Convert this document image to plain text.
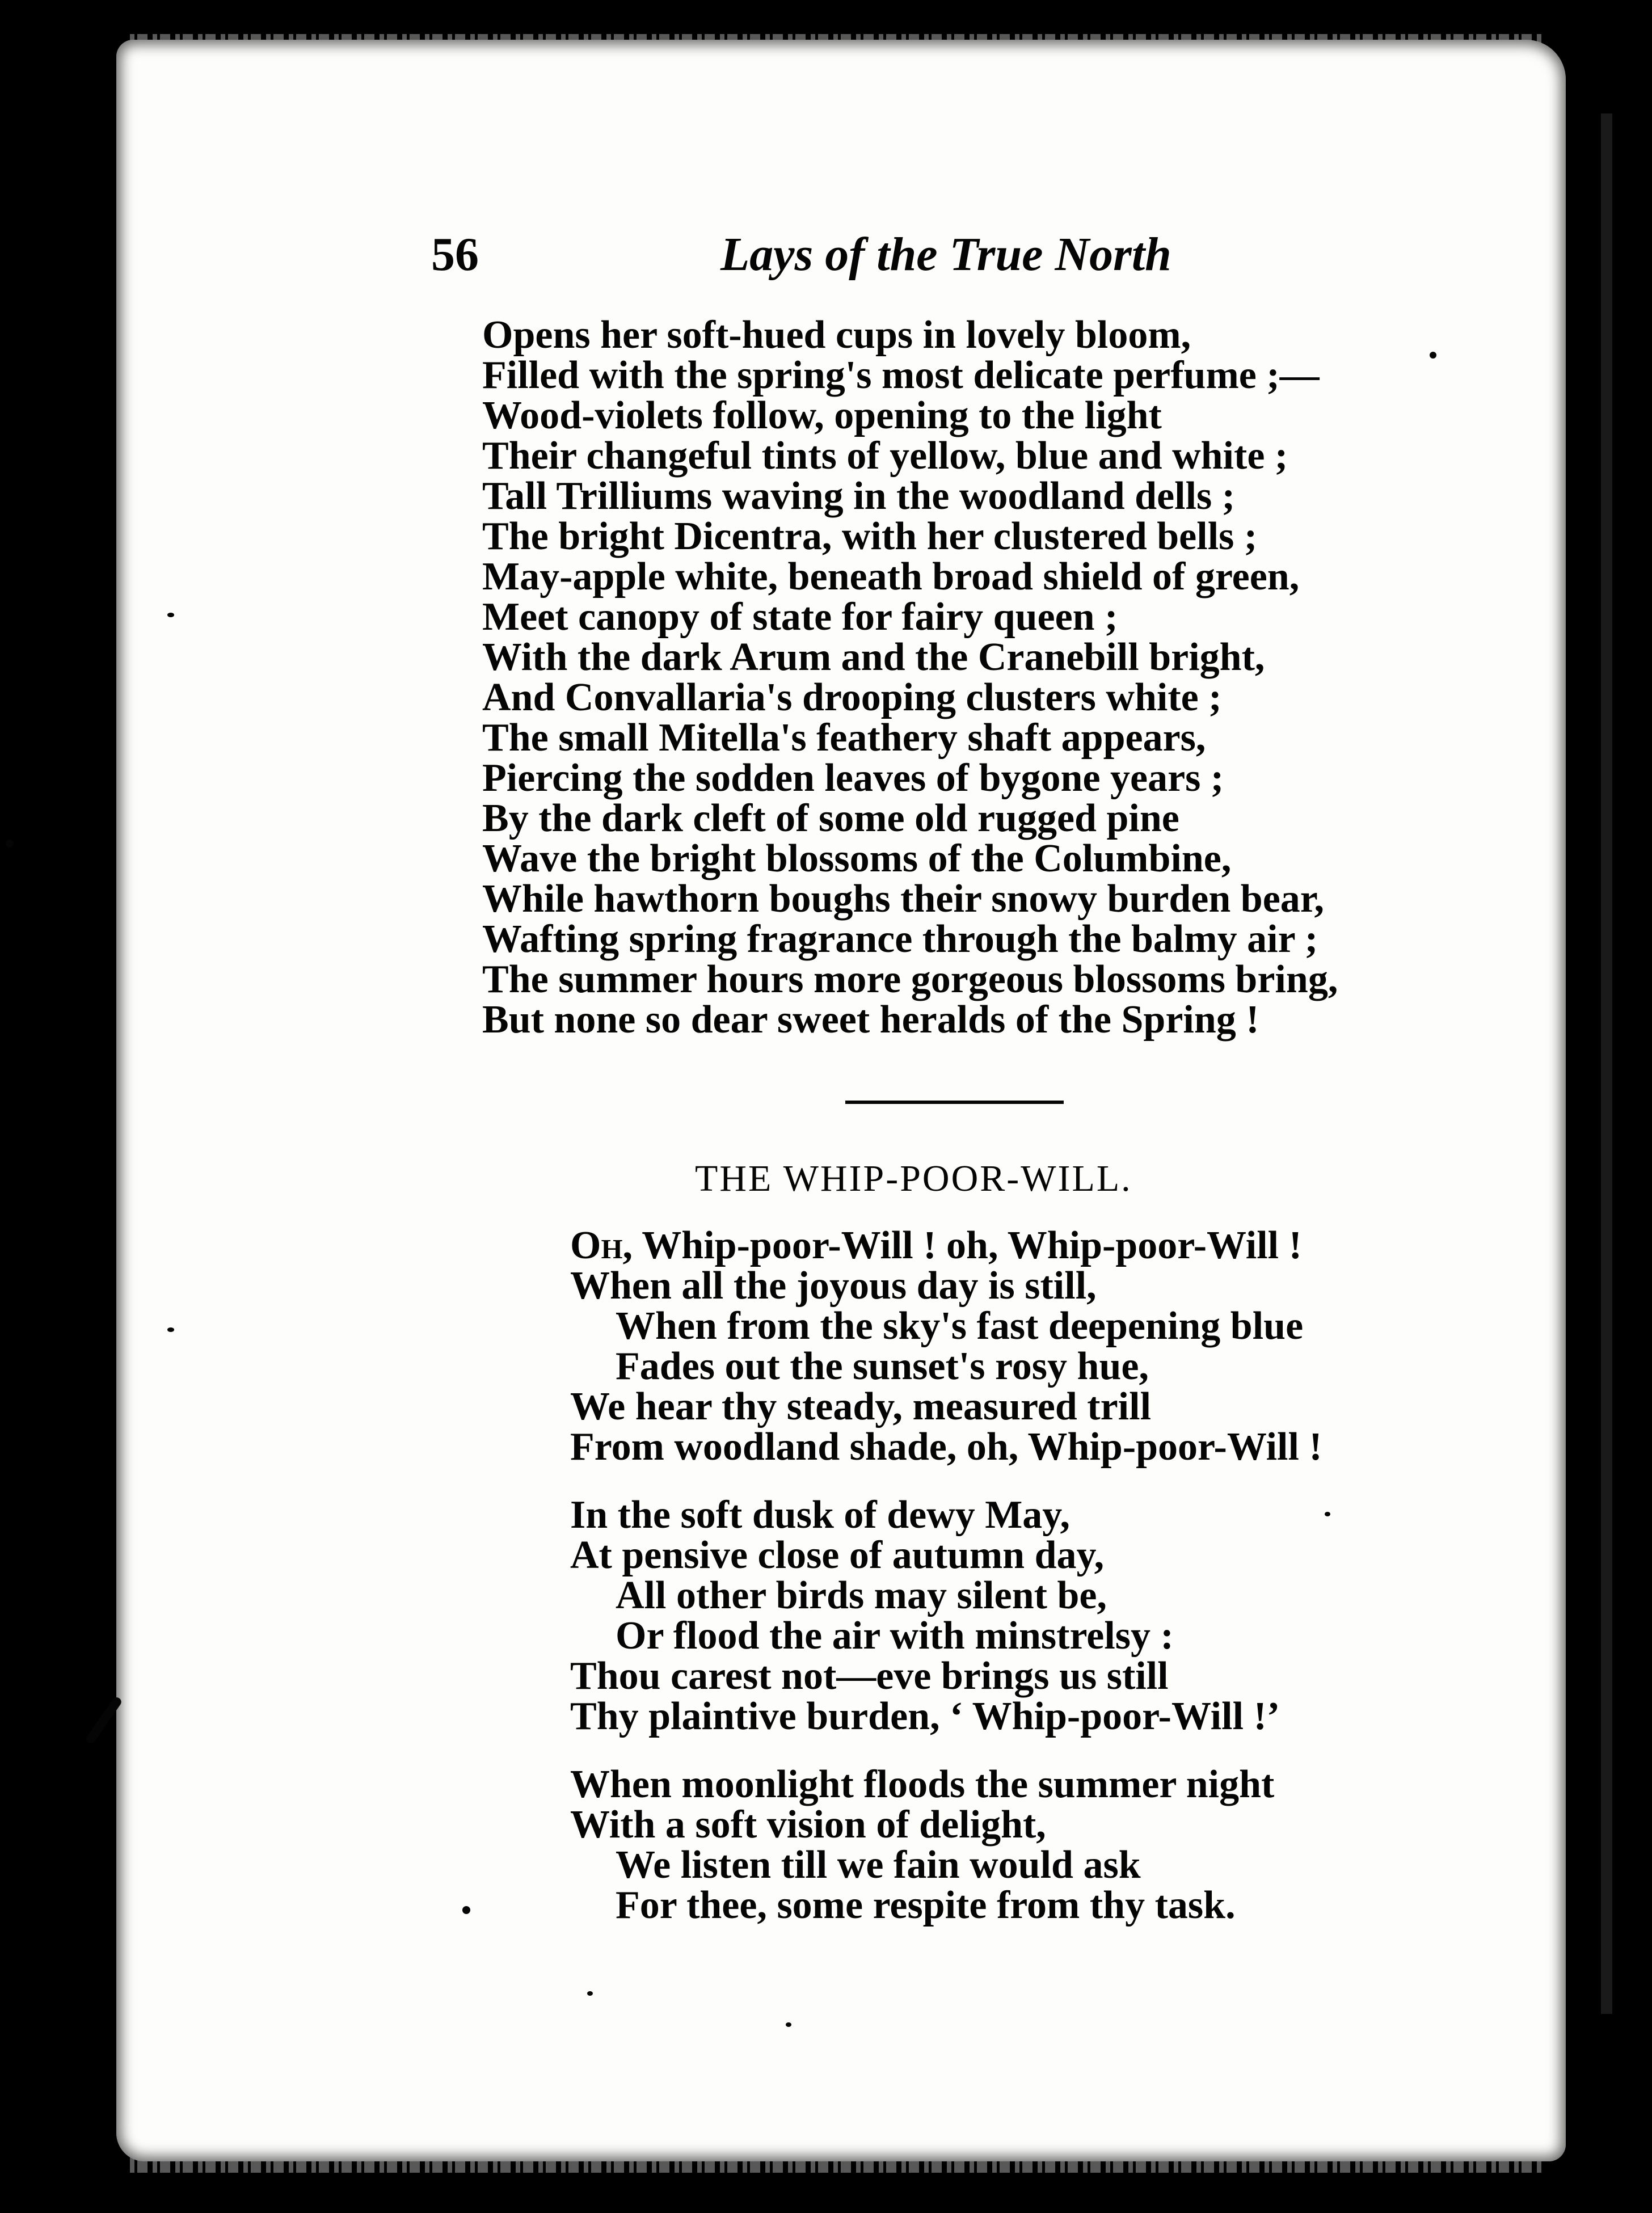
56	Lays of the True North
Opens her soft-hued cups in lovely bloom,
Filled with the spring's most delicate perfume ;—
Wood-violets follow, opening to the light
Their changeful tints of yellow, blue and white ;
Tall Trilliums waving in the woodland dells ;
The bright Dicentra, with her clustered bells ;
May-apple white, beneath broad shield of green,
Meet canopy of state for fairy queen ;
With the dark Arum and the Cranebill bright,
And Convallaria's drooping clusters white ;
The small Mitella's feathery shaft appears,
Piercing the sodden leaves of bygone years ;
By the dark cleft of some old rugged pine
Wave the bright blossoms of the Columbine,
While hawthorn boughs their snowy burden bear,
Wafting spring fragrance through the balmy air ;
The summer hours more gorgeous blossoms bring,
But none so dear sweet heralds of the Spring !
THE WHIP-POOR-WILL.
Oh, Whip-poor-Will ! oh, Whip-poor-Will !
When all the joyous day is still,
When from the sky's fast deepening blue
Fades out the sunset's rosy hue,
We hear thy steady, measured trill
From woodland shade, oh, Whip-poor-Will !
In the soft dusk of dewy May,
At pensive close of autumn day,
All other birds may silent be,
Or flood the air with minstrelsy :
Thou carest not—eve brings us still
Thy plaintive burden, ‘ Whip-poor-Will !’
When moonlight floods the summer night
With a soft vision of delight,
We listen till we fain would ask
For thee, some respite from thy task.
